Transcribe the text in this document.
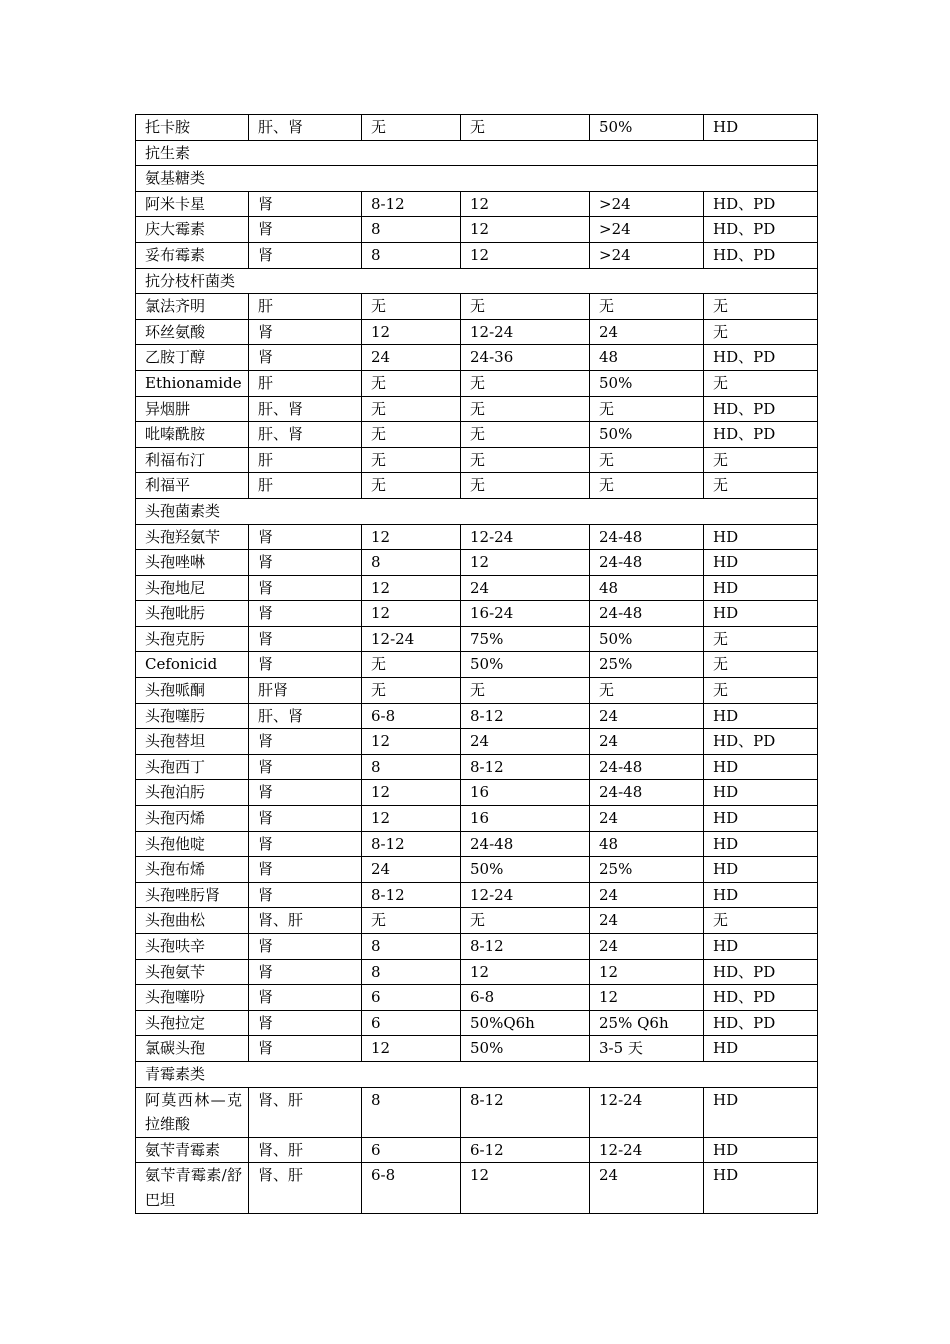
托卡胺	肝、肾	无	无	50%	HD
抗生素					
氨基糖类					
阿米卡星	肾	8-12	12	>24	HD、PD
庆大霉素	肾	8	12	>24	HD、PD
妥布霉素	肾	8	12	>24	HD、PD
抗分枝杆菌类					
氯法齐明	肝	无	无	无	无
环丝氨酸	肾	12	12-24	24	无
乙胺丁醇	肾	24	24-36	48	HD、PD
Ethionamide	肝	无	无	50%	无
异烟肼	肝、肾	无	无	无	HD、PD
吡嗪酰胺	肝、肾	无	无	50%	HD、PD
利福布汀	肝	无	无	无	无
利福平	肝	无	无	无	无
头孢菌素类					
头孢羟氨苄	肾	12	12-24	24-48	HD
头孢唑啉	肾	8	12	24-48	HD
头孢地尼	肾	12	24	48	HD
头孢吡肟	肾	12	16-24	24-48	HD
头孢克肟	肾	12-24	75%	50%	无
Cefonicid	肾	无	50%	25%	无
头孢哌酮	肝肾	无	无	无	无
头孢噻肟	肝、肾	6-8	8-12	24	HD
头孢替坦	肾	12	24	24	HD、PD
头孢西丁	肾	8	8-12	24-48	HD
头孢泊肟	肾	12	16	24-48	HD
头孢丙烯	肾	12	16	24	HD
头孢他啶	肾	8-12	24-48	48	HD
头孢布烯	肾	24	50%	25%	HD
头孢唑肟肾	肾	8-12	12-24	24	HD
头孢曲松	肾、肝	无	无	24	无
头孢呋辛	肾	8	8-12	24	HD
头孢氨苄	肾	8	12	12	HD、PD
头孢噻吩	肾	6	6-8	12	HD、PD
头孢拉定	肾	6	50%Q6h	25% Q6h	HD、PD
氯碳头孢	肾	12	50%	3-5 天	HD
青霉素类					
阿莫西林—克拉维酸	肾、肝	8	8-12	12-24	HD
氨苄青霉素	肾、肝	6	6-12	12-24	HD
氨苄青霉素/舒巴坦	肾、肝	6-8	12	24	HD
